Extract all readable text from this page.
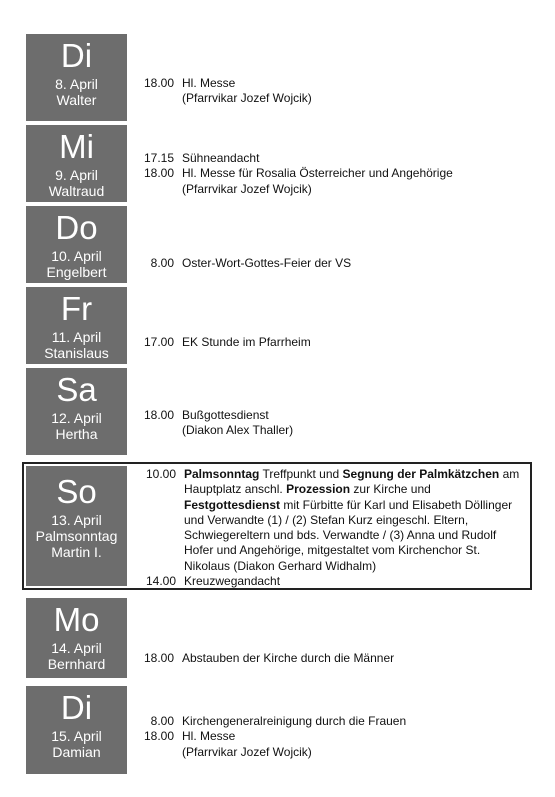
Di
8. April
Walter
18.00 Hl. Messe
(Pfarrvikar Jozef Wojcik)
Mi
9. April
Waltraud
17.15 Sühneandacht
18.00 Hl. Messe für Rosalia Österreicher und Angehörige
(Pfarrvikar Jozef Wojcik)
Do
10. April
Engelbert
8.00 Oster-Wort-Gottes-Feier der VS
Fr
11. April
Stanislaus
17.00 EK Stunde im Pfarrheim
Sa
12. April
Hertha
18.00 Bußgottesdienst
(Diakon Alex Thaller)
So
13. April
Palmsonntag
Martin I.
10.00 Palmsonntag Treffpunkt und Segnung der Palmkätzchen am Hauptplatz anschl. Prozession zur Kirche und Festgottesdienst mit Fürbitte für Karl und Elisabeth Döllinger und Verwandte (1) / (2) Stefan Kurz eingeschl. Eltern, Schwiegereltern und bds. Verwandte / (3) Anna und Rudolf Hofer und Angehörige, mitgestaltet vom Kirchenchor St. Nikolaus (Diakon Gerhard Widhalm)
14.00 Kreuzwegandacht
Mo
14. April
Bernhard	18.00 Abstauben der Kirche durch die Männer
Di
15. April
Damian
8.00 Kirchengeneralreinigung durch die Frauen
18.00 Hl. Messe
(Pfarrvikar Jozef Wojcik)
